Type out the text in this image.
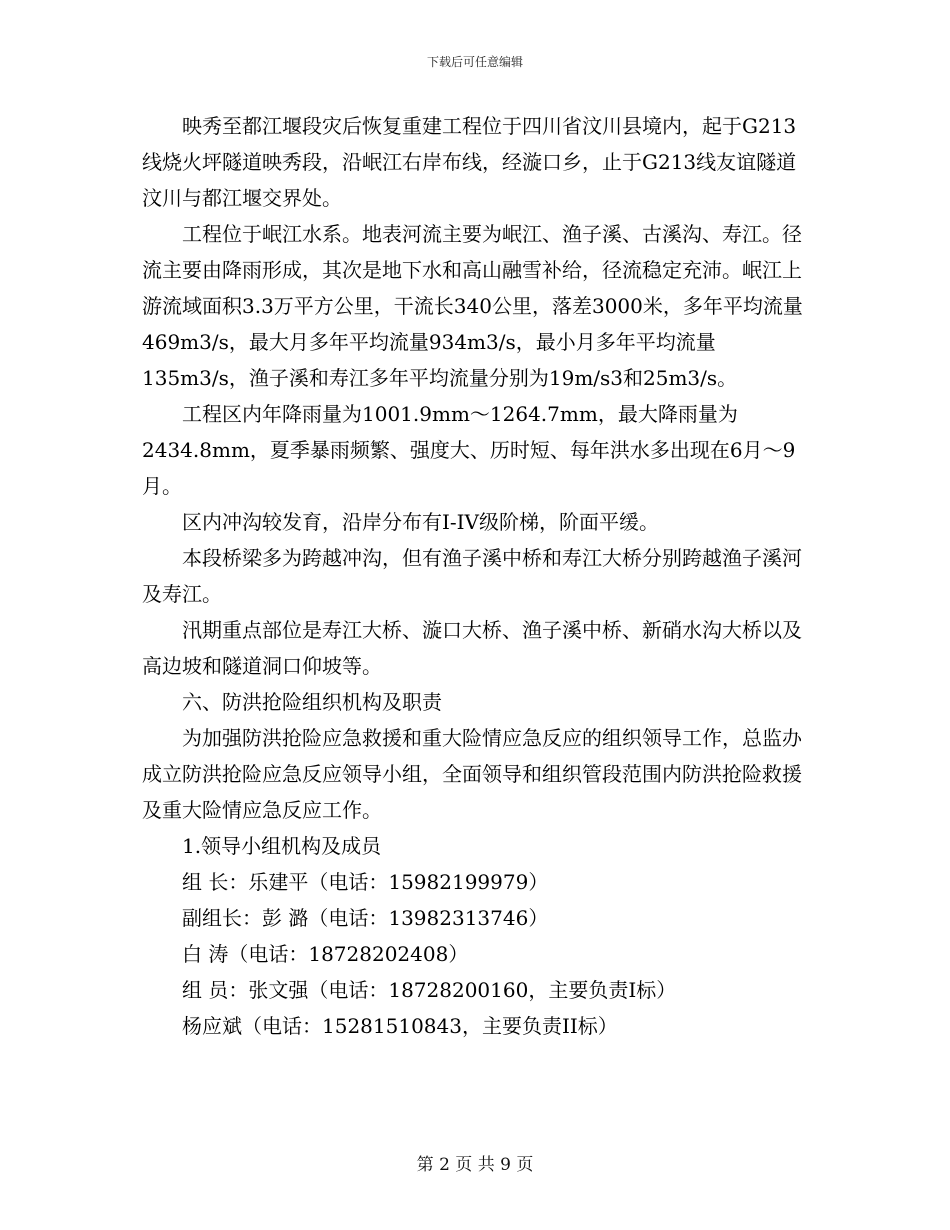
下载后可任意编辑

映秀至都江堰段灾后恢复重建工程位于四川省汶川县境内，起于G213线烧火坪隧道映秀段，沿岷江右岸布线，经漩口乡，止于G213线友谊隧道汶川与都江堰交界处。

工程位于岷江水系。地表河流主要为岷江、渔子溪、古溪沟、寿江。径流主要由降雨形成，其次是地下水和高山融雪补给，径流稳定充沛。岷江上游流域面积3.3万平方公里，干流长340公里，落差3000米，多年平均流量469m3/s，最大月多年平均流量934m3/s，最小月多年平均流量135m3/s，渔子溪和寿江多年平均流量分别为19m/s3和25m3/s。

工程区内年降雨量为1001.9mm～1264.7mm，最大降雨量为2434.8mm，夏季暴雨频繁、强度大、历时短、每年洪水多出现在6月～9月。

区内冲沟较发育，沿岸分布有I-IV级阶梯，阶面平缓。

本段桥梁多为跨越冲沟，但有渔子溪中桥和寿江大桥分别跨越渔子溪河及寿江。

汛期重点部位是寿江大桥、漩口大桥、渔子溪中桥、新硝水沟大桥以及高边坡和隧道洞口仰坡等。

六、防洪抢险组织机构及职责

为加强防洪抢险应急救援和重大险情应急反应的组织领导工作，总监办成立防洪抢险应急反应领导小组，全面领导和组织管段范围内防洪抢险救援及重大险情应急反应工作。

1.领导小组机构及成员

组 长：乐建平（电话：15982199979）

副组长：彭 潞（电话：13982313746）

白 涛（电话：18728202408）

组 员：张文强（电话：18728200160，主要负责I标）

杨应斌（电话：15281510843，主要负责II标）

第 2 页 共 9 页
